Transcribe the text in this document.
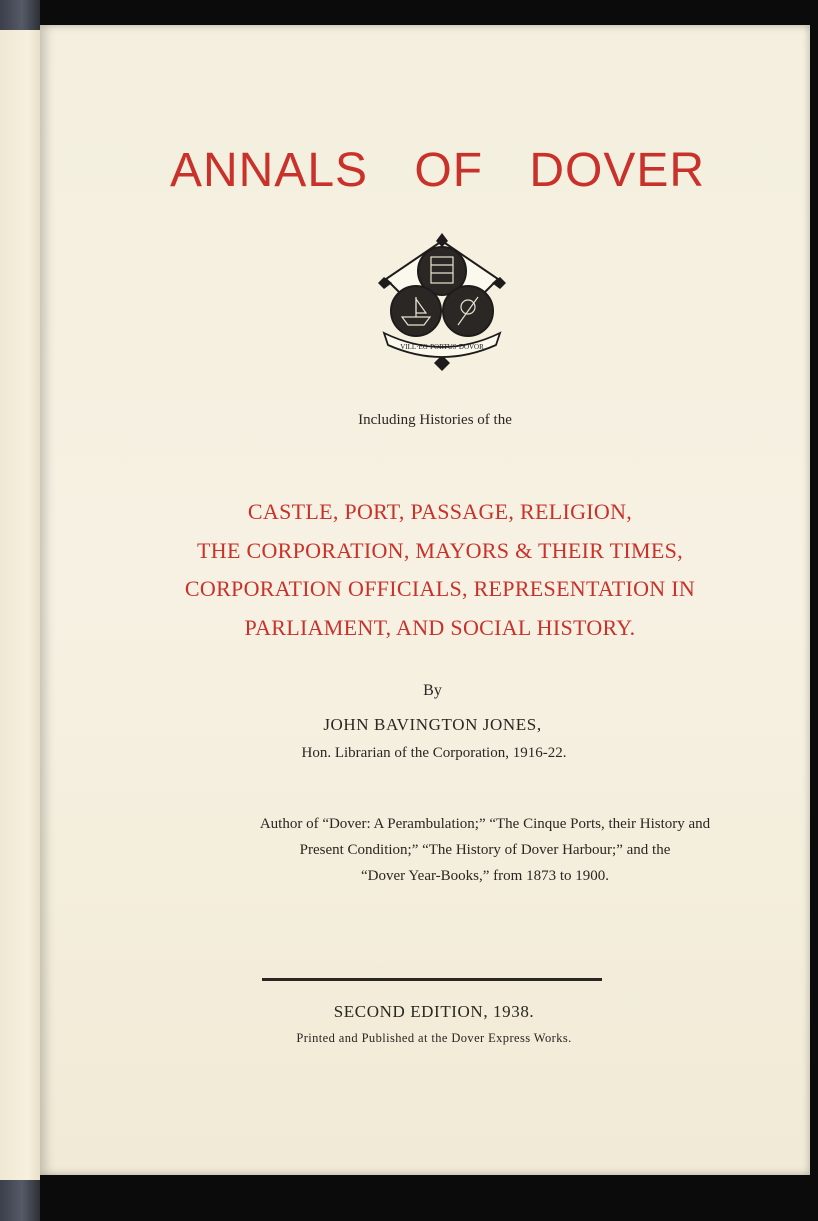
ANNALS OF DOVER
VILL·EG·PORTUS·DOVOR
Including Histories of the
CASTLE, PORT, PASSAGE, RELIGION,
THE CORPORATION, MAYORS & THEIR TIMES,
CORPORATION OFFICIALS, REPRESENTATION IN
PARLIAMENT, AND SOCIAL HISTORY.
By
JOHN BAVINGTON JONES,
Hon. Librarian of the Corporation, 1916-22.
Author of “Dover: A Perambulation;” “The Cinque Ports, their History and
Present Condition;” “The History of Dover Harbour;” and the
“Dover Year-Books,” from 1873 to 1900.
SECOND EDITION, 1938.
Printed and Published at the Dover Express Works.
